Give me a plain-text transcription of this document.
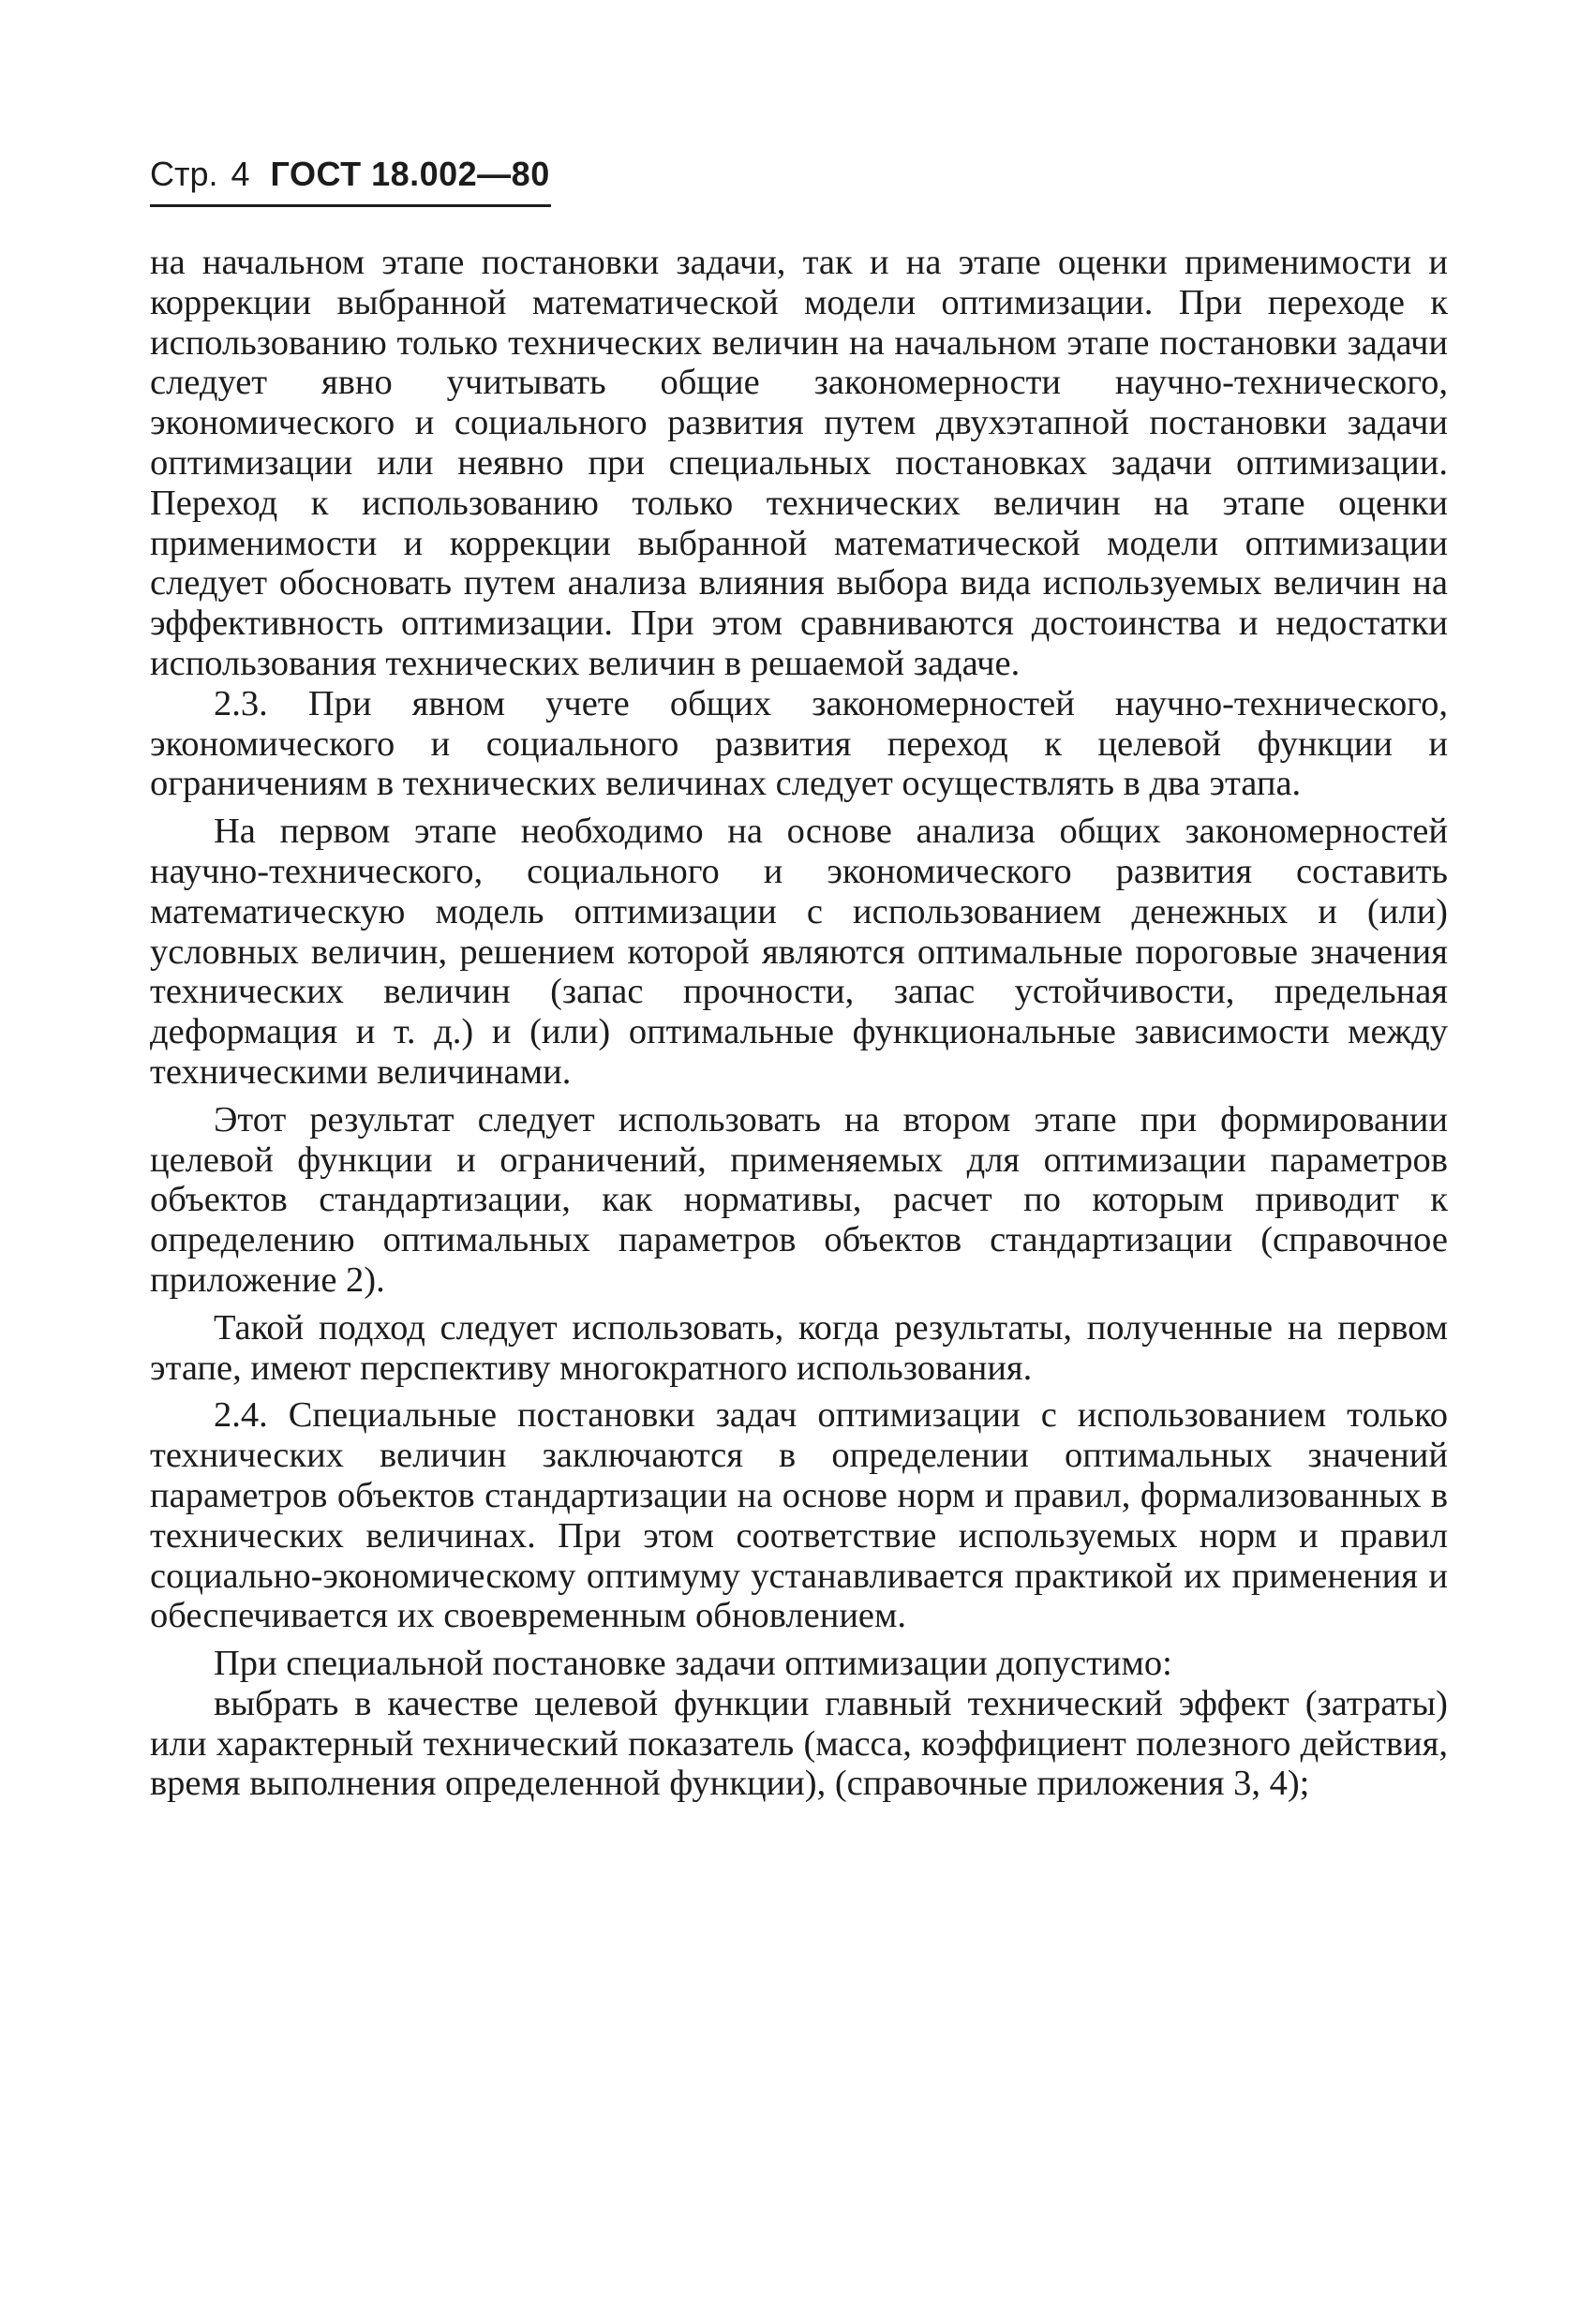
Стр. 4 ГОСТ 18.002—80

на начальном этапе постановки задачи, так и на этапе оценки применимости и коррекции выбранной математической модели оптимизации. При переходе к использованию только технических величин на начальном этапе постановки задачи следует явно учитывать общие закономерности научно-технического, экономического и социального развития путем двухэтапной постановки задачи оптимизации или неявно при специальных постановках задачи оптимизации. Переход к использованию только технических величин на этапе оценки применимости и коррекции выбранной математической модели оптимизации следует обосновать путем анализа влияния выбора вида используемых величин на эффективность оптимизации. При этом сравниваются достоинства и недостатки использования технических величин в решаемой задаче.

2.3. При явном учете общих закономерностей научно-технического, экономического и социального развития переход к целевой функции и ограничениям в технических величинах следует осуществлять в два этапа.

На первом этапе необходимо на основе анализа общих закономерностей научно-технического, социального и экономического развития составить математическую модель оптимизации с использованием денежных и (или) условных величин, решением которой являются оптимальные пороговые значения технических величин (запас прочности, запас устойчивости, предельная деформация и т. д.) и (или) оптимальные функциональные зависимости между техническими величинами.

Этот результат следует использовать на втором этапе при формировании целевой функции и ограничений, применяемых для оптимизации параметров объектов стандартизации, как нормативы, расчет по которым приводит к определению оптимальных параметров объектов стандартизации (справочное приложение 2).

Такой подход следует использовать, когда результаты, полученные на первом этапе, имеют перспективу многократного использования.

2.4. Специальные постановки задач оптимизации с использованием только технических величин заключаются в определении оптимальных значений параметров объектов стандартизации на основе норм и правил, формализованных в технических величинах. При этом соответствие используемых норм и правил социально-экономическому оптимуму устанавливается практикой их применения и обеспечивается их своевременным обновлением.

При специальной постановке задачи оптимизации допустимо:

выбрать в качестве целевой функции главный технический эффект (затраты) или характерный технический показатель (масса, коэффициент полезного действия, время выполнения определенной функции), (справочные приложения 3, 4);
